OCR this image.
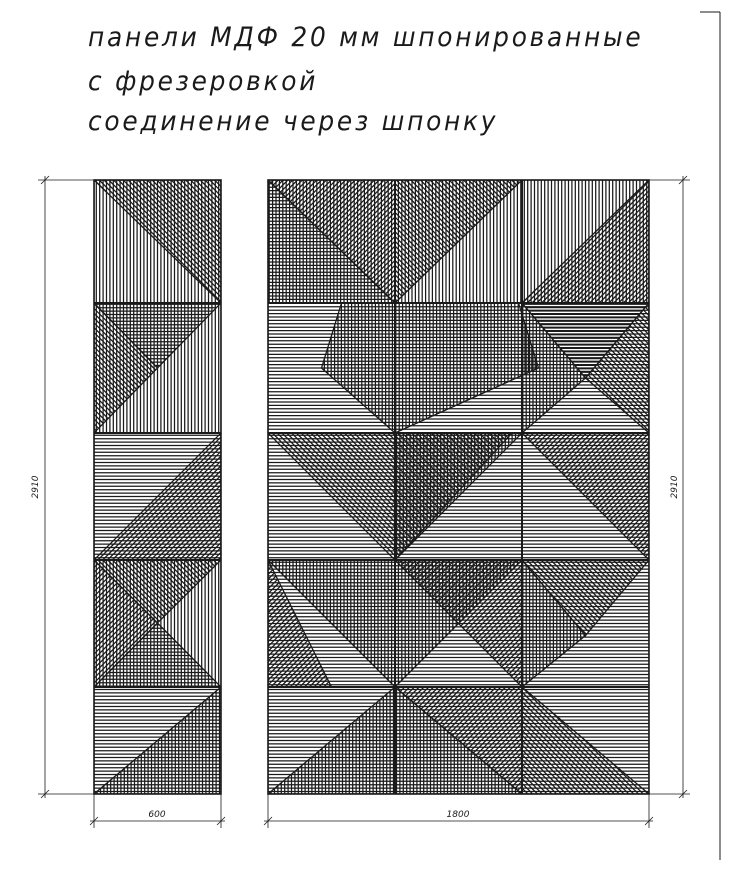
панели МДФ 20 мм шпонированные
с фрезеровкой
соединение через шпонку
2910	2910
600	1800
